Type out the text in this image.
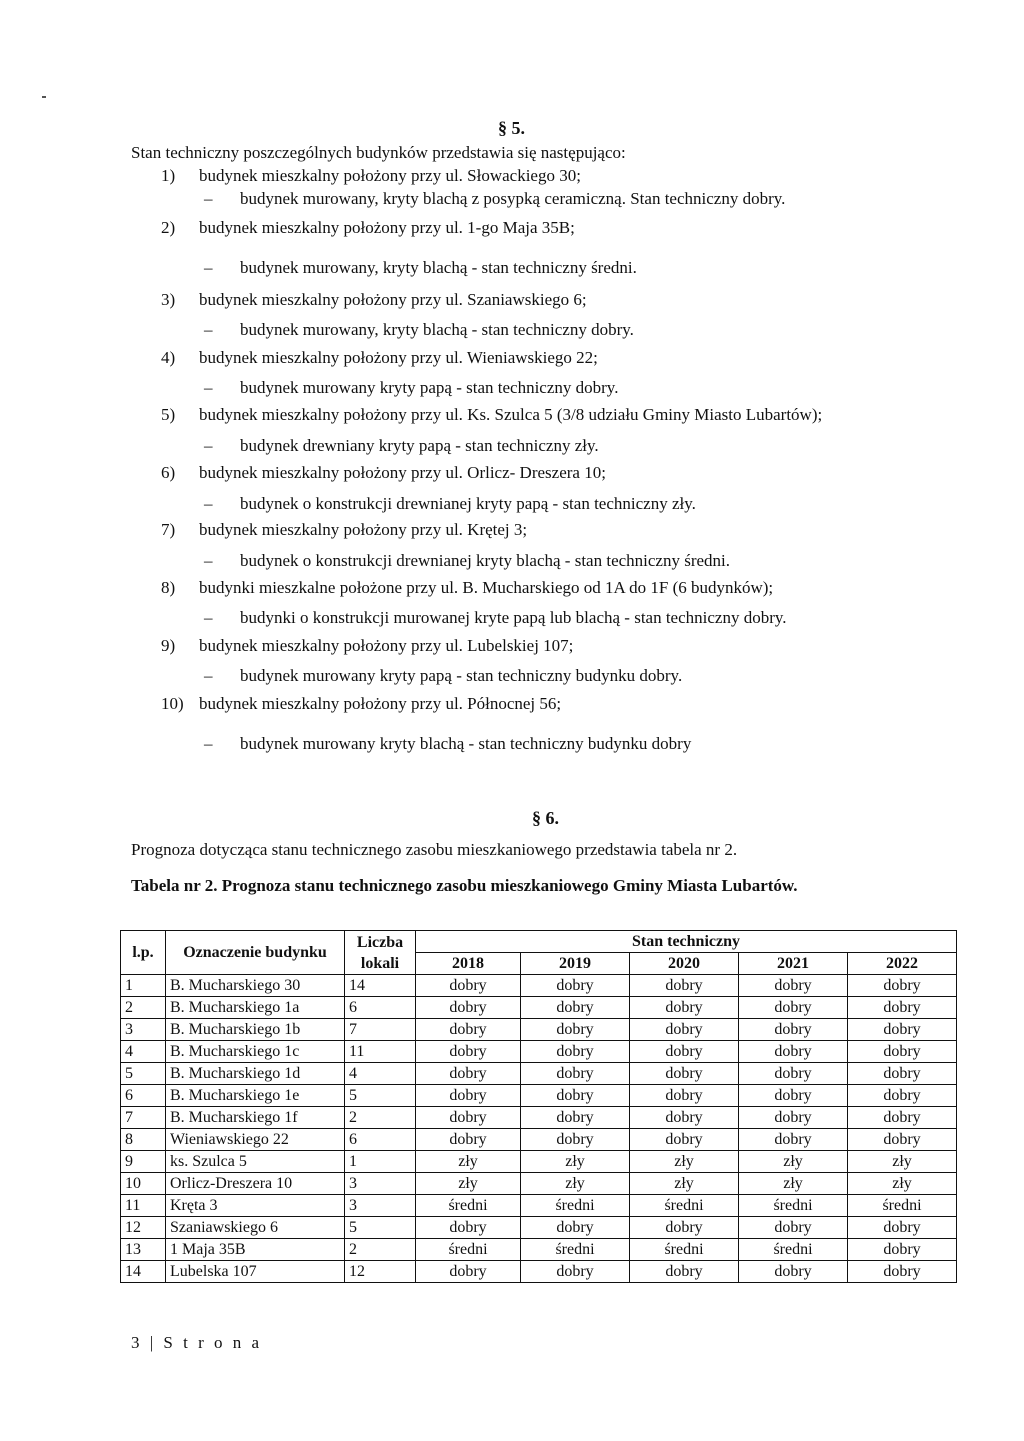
§ 5.
Stan techniczny poszczególnych budynków przedstawia się następująco:
1) budynek mieszkalny położony przy ul. Słowackiego 30;
– budynek murowany, kryty blachą z posypką ceramiczną. Stan techniczny dobry.
2) budynek mieszkalny położony przy ul. 1-go Maja 35B;
– budynek murowany, kryty blachą - stan techniczny średni.
3) budynek mieszkalny położony przy ul. Szaniawskiego 6;
– budynek murowany, kryty blachą - stan techniczny dobry.
4) budynek mieszkalny położony przy ul. Wieniawskiego 22;
– budynek murowany kryty papą - stan techniczny dobry.
5) budynek mieszkalny położony przy ul. Ks. Szulca 5 (3/8 udziału Gminy Miasto Lubartów);
– budynek drewniany kryty papą - stan techniczny zły.
6) budynek mieszkalny położony przy ul. Orlicz- Dreszera 10;
– budynek o konstrukcji drewnianej kryty papą - stan techniczny zły.
7) budynek mieszkalny położony przy ul. Krętej 3;
– budynek o konstrukcji drewnianej kryty blachą - stan techniczny średni.
8) budynki mieszkalne położone przy ul. B. Mucharskiego od 1A do 1F (6 budynków);
– budynki o konstrukcji murowanej kryte papą lub blachą - stan techniczny dobry.
9) budynek mieszkalny położony przy ul. Lubelskiej 107;
– budynek murowany kryty papą - stan techniczny budynku dobry.
10) budynek mieszkalny położony przy ul. Północnej 56;
– budynek murowany kryty blachą - stan techniczny budynku dobry
§ 6.
Prognoza dotycząca stanu technicznego zasobu mieszkaniowego przedstawia tabela nr 2.
Tabela nr 2. Prognoza stanu technicznego zasobu mieszkaniowego Gminy Miasta Lubartów.
l.p.	Oznaczenie budynku	Liczba lokali	Stan techniczny				
			2018	2019	2020	2021	2022
1	B. Mucharskiego 30	14	dobry	dobry	dobry	dobry	dobry
2	B. Mucharskiego 1a	6	dobry	dobry	dobry	dobry	dobry
3	B. Mucharskiego 1b	7	dobry	dobry	dobry	dobry	dobry
4	B. Mucharskiego 1c	11	dobry	dobry	dobry	dobry	dobry
5	B. Mucharskiego 1d	4	dobry	dobry	dobry	dobry	dobry
6	B. Mucharskiego 1e	5	dobry	dobry	dobry	dobry	dobry
7	B. Mucharskiego 1f	2	dobry	dobry	dobry	dobry	dobry
8	Wieniawskiego 22	6	dobry	dobry	dobry	dobry	dobry
9	ks. Szulca 5	1	zły	zły	zły	zły	zły
10	Orlicz-Dreszera 10	3	zły	zły	zły	zły	zły
11	Kręta 3	3	średni	średni	średni	średni	średni
12	Szaniawskiego 6	5	dobry	dobry	dobry	dobry	dobry
13	1 Maja 35B	2	średni	średni	średni	średni	dobry
14	Lubelska 107	12	dobry	dobry	dobry	dobry	dobry
3 | S t r o n a
